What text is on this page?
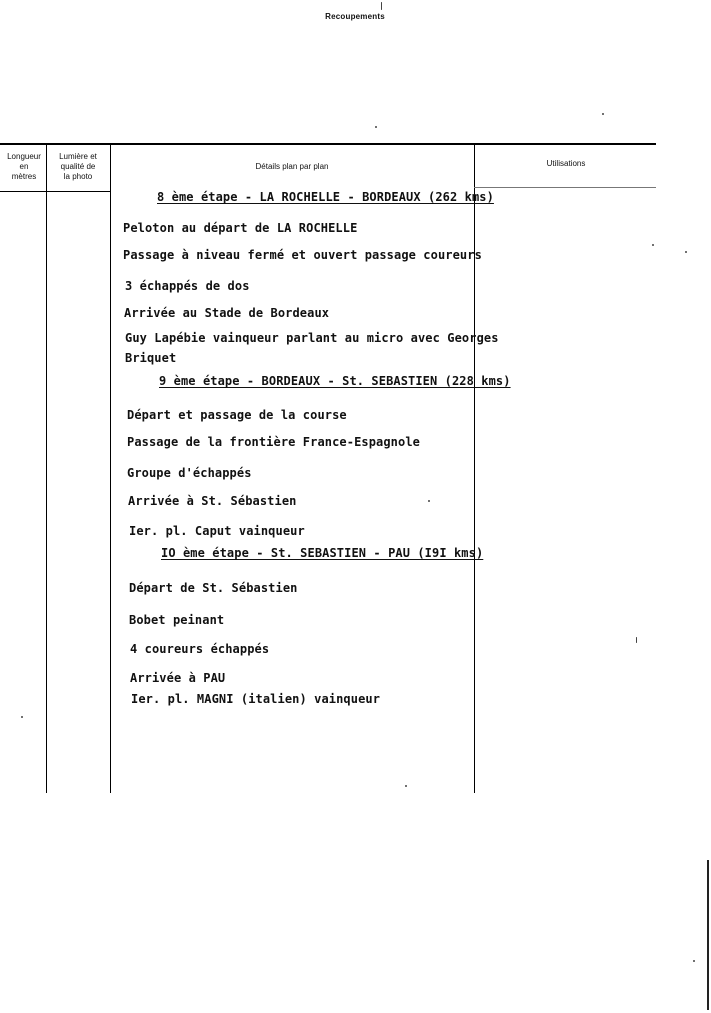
Recoupements
Longueur
en
mètres
Lumière et
qualité de
la photo
Détails plan par plan	Utilisations
8 ème étape - LA ROCHELLE - BORDEAUX (262 kms)
Peloton au départ de LA ROCHELLE
Passage à niveau fermé et ouvert passage coureurs
3 échappés de dos
Arrivée au Stade de Bordeaux
Guy Lapébie vainqueur parlant au micro avec Georges
Briquet
9 ème étape - BORDEAUX - St. SEBASTIEN (228 kms)
Départ et passage de la course
Passage de la frontière France-Espagnole
Groupe d'échappés
Arrivée à St. Sébastien
Ier. pl. Caput vainqueur
IO ème étape - St. SEBASTIEN - PAU (I9I kms)
Départ de St. Sébastien
Bobet peinant
4 coureurs échappés
Arrivée à PAU
Ier. pl. MAGNI (italien) vainqueur
